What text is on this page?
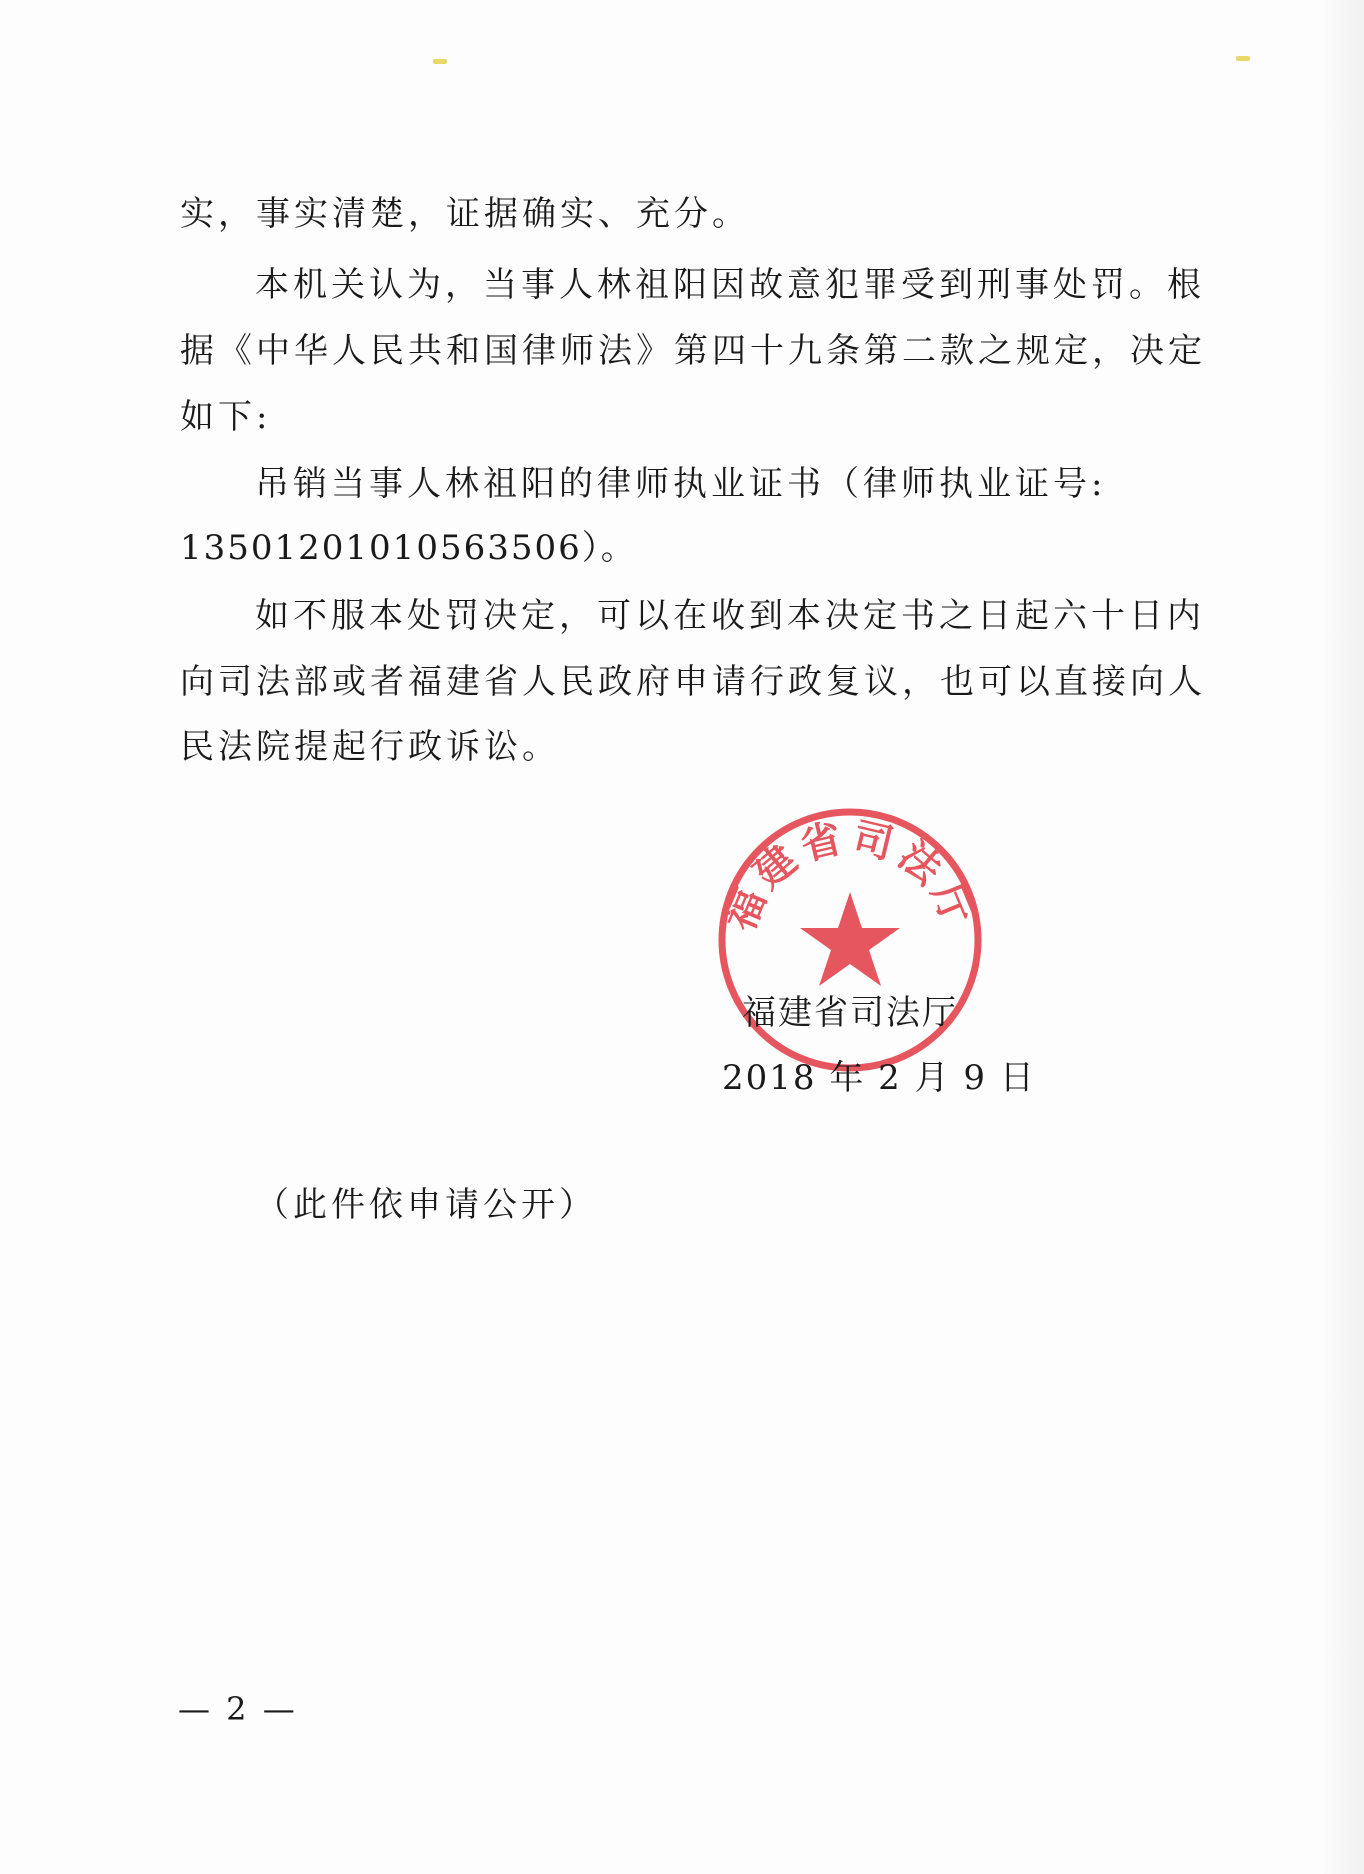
实，事实清楚，证据确实、充分。
本机关认为，当事人林祖阳因故意犯罪受到刑事处罚。根
据《中华人民共和国律师法》第四十九条第二款之规定，决定
如下:
吊销当事人林祖阳的律师执业证书（律师执业证号:
13501201010563506）。
如不服本处罚决定，可以在收到本决定书之日起六十日内
向司法部或者福建省人民政府申请行政复议，也可以直接向人
民法院提起行政诉讼。
福建省司法厅
福建省司法厅
2018 年 2 月 9 日
（此件依申请公开）
— 2 —
